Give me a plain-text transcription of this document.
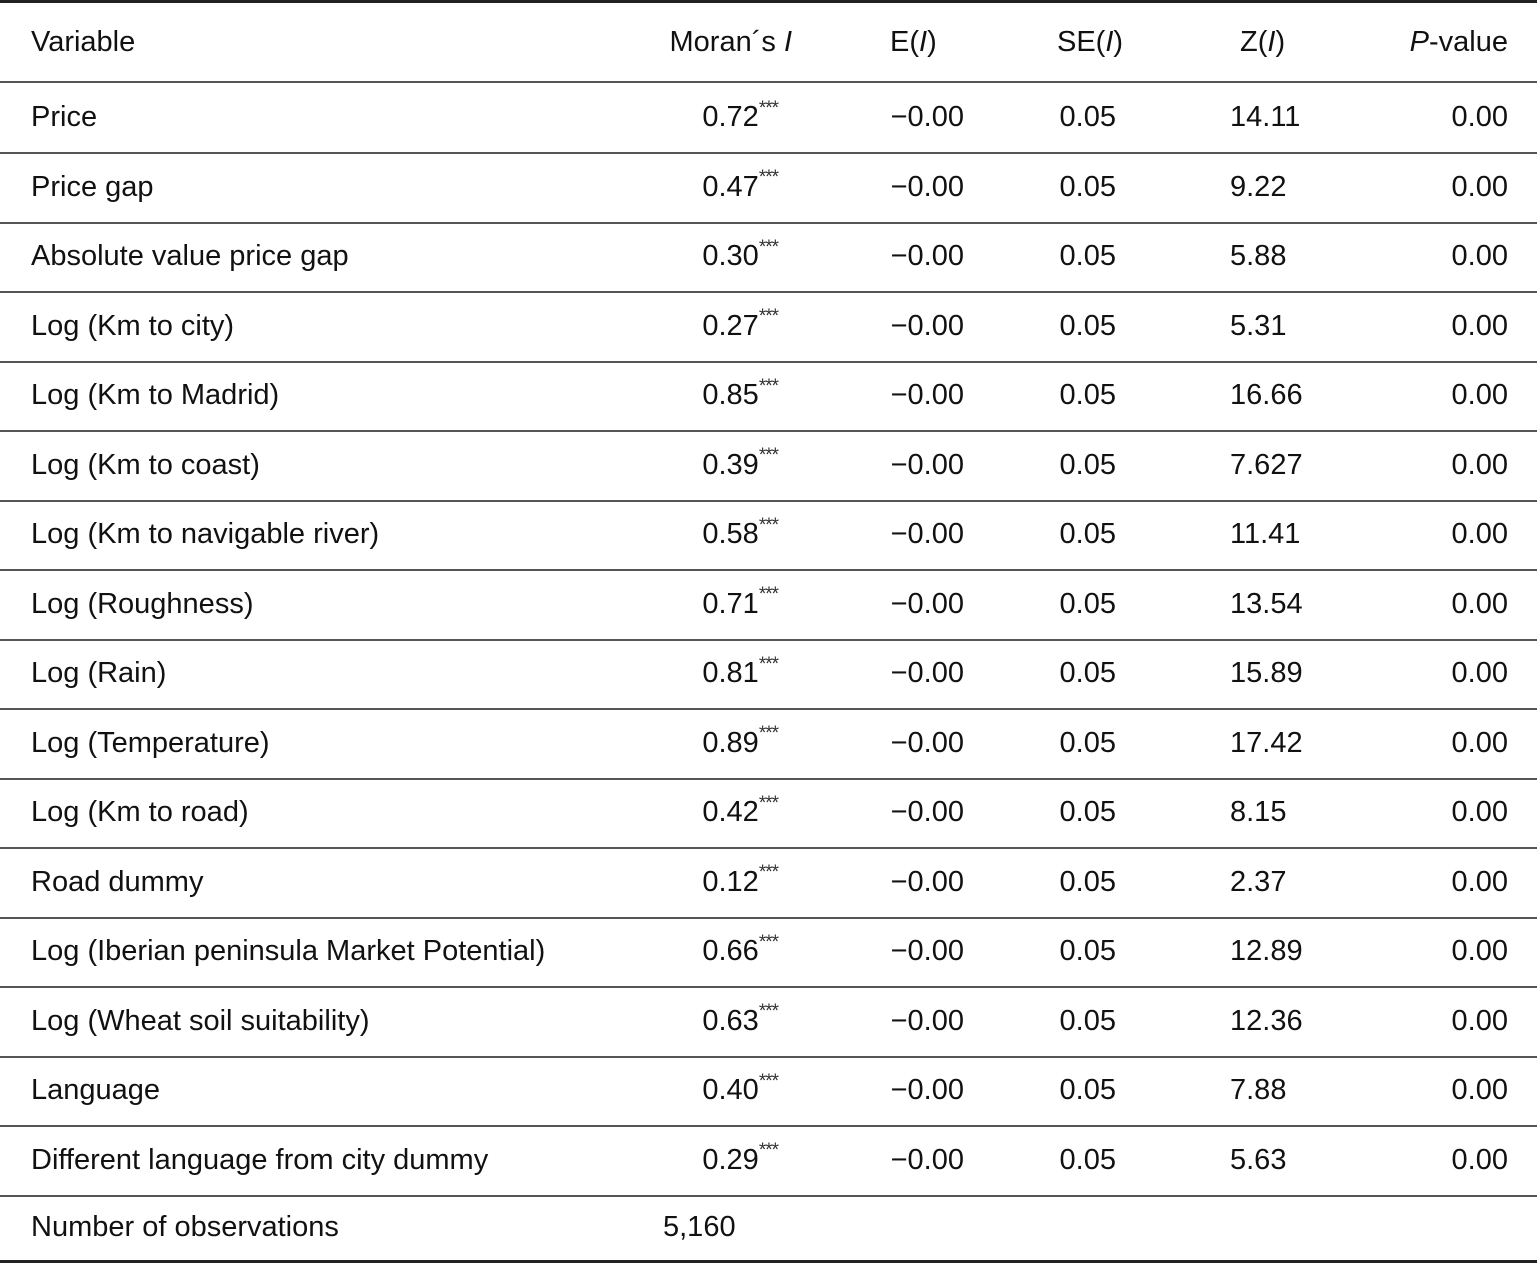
Variable	Moran´s I	E( I )	SE( I )	Z( I )	P -value
Price	0.72 ***	−0.00	0.05	14.11	0.00
Price gap	0.47 ***	−0.00	0.05	9.22	0.00
Absolute value price gap	0.30 ***	−0.00	0.05	5.88	0.00
Log (Km to city)	0.27 ***	−0.00	0.05	5.31	0.00
Log (Km to Madrid)	0.85 ***	−0.00	0.05	16.66	0.00
Log (Km to coast)	0.39 ***	−0.00	0.05	7.627	0.00
Log (Km to navigable river)	0.58 ***	−0.00	0.05	11.41	0.00
Log (Roughness)	0.71 ***	−0.00	0.05	13.54	0.00
Log (Rain)	0.81 ***	−0.00	0.05	15.89	0.00
Log (Temperature)	0.89 ***	−0.00	0.05	17.42	0.00
Log (Km to road)	0.42 ***	−0.00	0.05	8.15	0.00
Road dummy	0.12 ***	−0.00	0.05	2.37	0.00
Log (Iberian peninsula Market Potential)	0.66 ***	−0.00	0.05	12.89	0.00
Log (Wheat soil suitability)	0.63 ***	−0.00	0.05	12.36	0.00
Language	0.40 ***	−0.00	0.05	7.88	0.00
Different language from city dummy	0.29 ***	−0.00	0.05	5.63	0.00
Number of observations	5,160
